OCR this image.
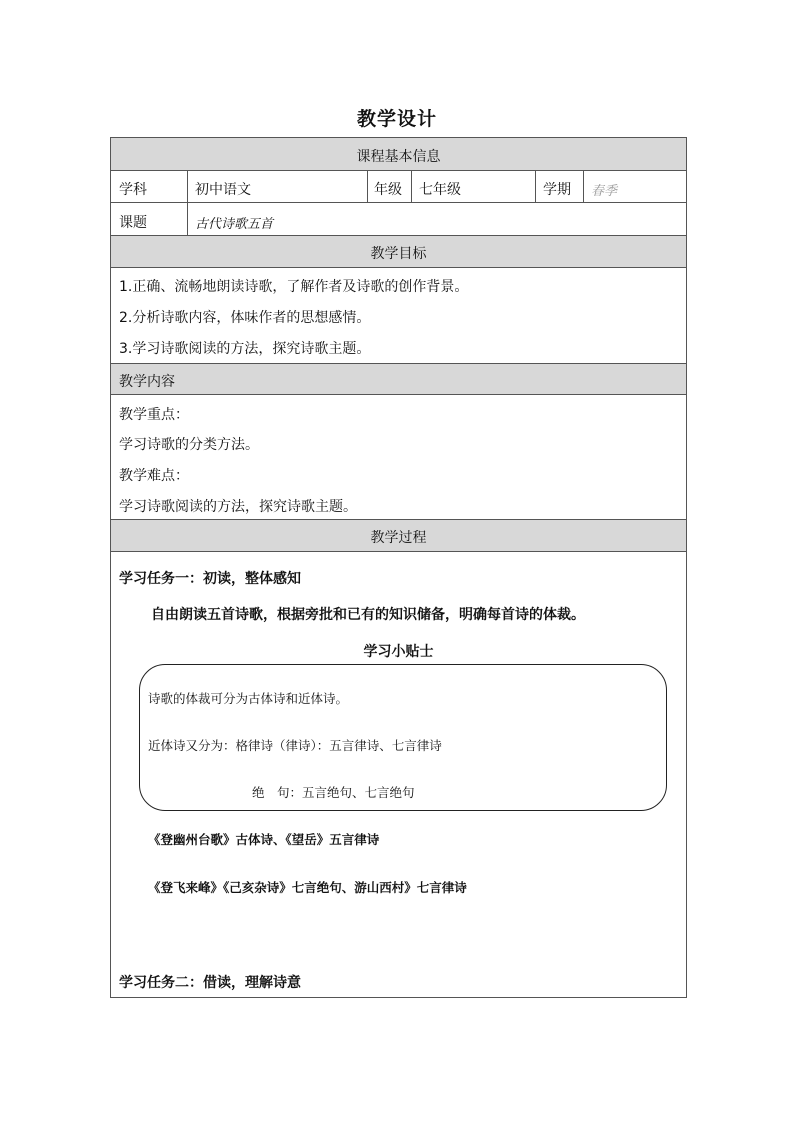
教学设计
课程基本信息
学科	初中语文	年级 七年级	学期 春季
课题	古代诗歌五首
教学目标
1.正确、流畅地朗读诗歌，了解作者及诗歌的创作背景。
2.分析诗歌内容，体味作者的思想感情。
3.学习诗歌阅读的方法，探究诗歌主题。
教学内容
教学重点：
学习诗歌的分类方法。
教学难点：
学习诗歌阅读的方法，探究诗歌主题。
教学过程
学习任务一：初读，整体感知
自由朗读五首诗歌，根据旁批和已有的知识储备，明确每首诗的体裁。
学习小贴士
诗歌的体裁可分为古体诗和近体诗。
近体诗又分为：格律诗（律诗）：五言律诗、七言律诗
绝　句：五言绝句、七言绝句
《登幽州台歌》古体诗、《望岳》五言律诗
《登飞来峰》《己亥杂诗》七言绝句、游山西村》七言律诗
学习任务二：借读，理解诗意
